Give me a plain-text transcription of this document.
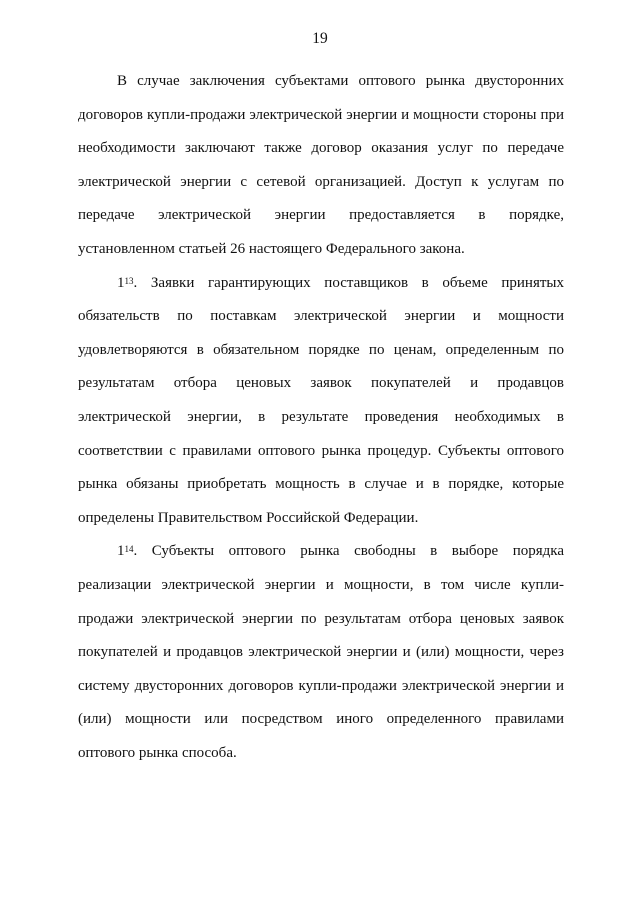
19

В случае заключения субъектами оптового рынка двусторонних договоров купли-продажи электрической энергии и мощности стороны при необходимости заключают также договор оказания услуг по передаче электрической энергии с сетевой организацией. Доступ к услугам по передаче электрической энергии предоставляется в порядке, установленном статьей 26 настоящего Федерального закона.

$1^{13}$. Заявки гарантирующих поставщиков в объеме принятых обязательств по поставкам электрической энергии и мощности удовлетворяются в обязательном порядке по ценам, определенным по результатам отбора ценовых заявок покупателей и продавцов электрической энергии, в результате проведения необходимых в соответствии с правилами оптового рынка процедур. Субъекты оптового рынка обязаны приобретать мощность в случае и в порядке, которые определены Правительством Российской Федерации.

$1^{14}$. Субъекты оптового рынка свободны в выборе порядка реализации электрической энергии и мощности, в том числе купли-продажи электрической энергии по результатам отбора ценовых заявок покупателей и продавцов электрической энергии и (или) мощности, через систему двусторонних договоров купли-продажи электрической энергии и (или) мощности или посредством иного определенного правилами оптового рынка способа.
